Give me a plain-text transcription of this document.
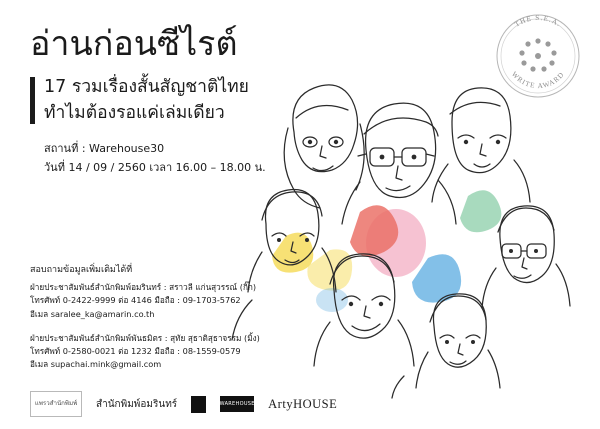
THE S.E.A.
WRITE AWARD
อ่านก่อนซีไรต์
17 รวมเรื่องสั้นสัญชาติไทย
ทำไมต้องรอแค่เล่มเดียว
สถานที่ : Warehouse30
วันที่ 14 / 09 / 2560 เวลา 16.00 – 18.00 น.
สอบถามข้อมูลเพิ่มเติมได้ที่
ฝ่ายประชาสัมพันธ์สำนักพิมพ์อมรินทร์ : สราวลี แก่นสุวรรณ์ (กิ๊ก)
โทรศัพท์ 0-2422-9999 ต่อ 4146 มือถือ : 09-1703-5762
อีเมล saralee_ka@amarin.co.th
ฝ่ายประชาสัมพันธ์สำนักพิมพ์พันธมิตร : สุทัย สุธาติสุธาจรรม (มิ้ง)
โทรศัพท์ 0-2580-0021 ต่อ 1232 มือถือ : 08-1559-0579
อีเมล supachai.mink@gmail.com
แพรวสำนักพิมพ์	สำนักพิมพ์อมรินทร์	WAREHOUSE ArtyHOUSE
